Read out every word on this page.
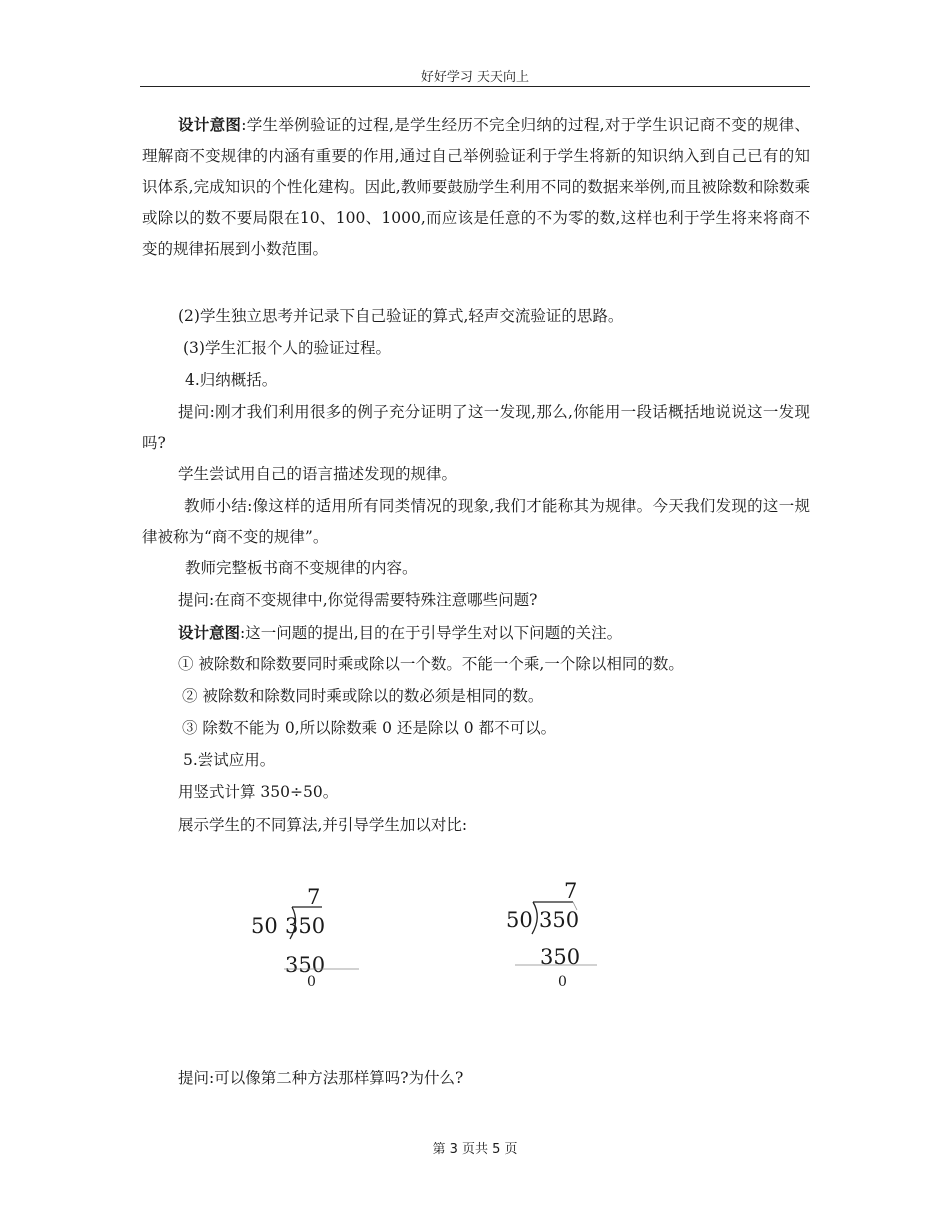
好好学习 天天向上

设计意图:学生举例验证的过程,是学生经历不完全归纳的过程,对于学生识记商不变的规律、理解商不变规律的内涵有重要的作用,通过自己举例验证利于学生将新的知识纳入到自己已有的知识体系,完成知识的个性化建构。因此,教师要鼓励学生利用不同的数据来举例,而且被除数和除数乘或除以的数不要局限在10、100、1000,而应该是任意的不为零的数,这样也利于学生将来将商不变的规律拓展到小数范围。

(2)学生独立思考并记录下自己验证的算式,轻声交流验证的思路。

(3)学生汇报个人的验证过程。

4.归纳概括。

提问:刚才我们利用很多的例子充分证明了这一发现,那么,你能用一段话概括地说说这一发现吗?

学生尝试用自己的语言描述发现的规律。

教师小结:像这样的适用所有同类情况的现象,我们才能称其为规律。今天我们发现的这一规律被称为“商不变的规律”。

教师完整板书商不变规律的内容。

提问:在商不变规律中,你觉得需要特殊注意哪些问题?

设计意图:这一问题的提出,目的在于引导学生对以下问题的关注。

① 被除数和除数要同时乘或除以一个数。不能一个乘,一个除以相同的数。

② 被除数和除数同时乘或除以的数必须是相同的数。

③ 除数不能为 0,所以除数乘 0 还是除以 0 都不可以。

5.尝试应用。

用竖式计算 350÷50。

展示学生的不同算法,并引导学生加以对比:

7
50 350
350
0
7
50 350
350
0

提问:可以像第二种方法那样算吗?为什么?

第 3 页共 5 页
